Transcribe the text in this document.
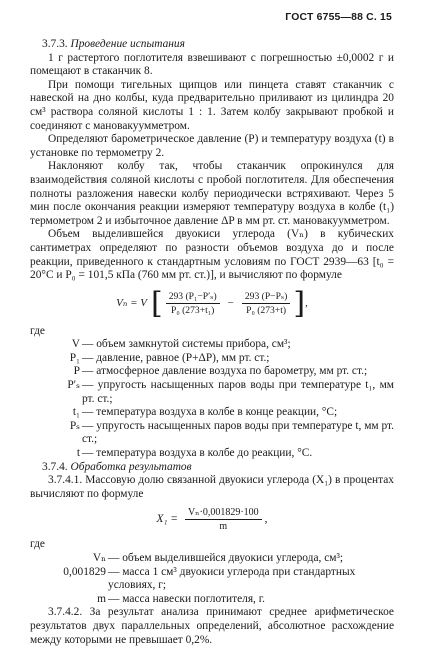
ГОСТ 6755—88 С. 15

3.7.3. Проведение испытания

1 г растертого поглотителя взвешивают с погрешностью ±0,0002 г и помещают в стаканчик 8.

При помощи тигельных щипцов или пинцета ставят стаканчик с навеской на дно колбы, куда предварительно приливают из цилиндра 20 см³ раствора соляной кислоты 1 : 1. Затем колбу закрывают пробкой и соединяют с мановакуумметром.

Определяют барометрическое давление (P) и температуру воздуха (t) в установке по термометру 2.

Наклоняют колбу так, чтобы стаканчик опрокинулся для взаимодействия соляной кислоты с пробой поглотителя. Для обеспечения полноты разложения навески колбу периодически встряхивают. Через 5 мин после окончания реакции измеряют температуру воздуха в колбе (t₁) термометром 2 и избыточное давление ΔP в мм рт. ст. мановакуумметром.

Объем выделившейся двуокиси углерода (Vₙ) в кубических сантиметрах определяют по разности объемов воздуха до и после реакции, приведенного к стандартным условиям по ГОСТ 2939—63 [t₀ = 20°С и P₀ = 101,5 кПа (760 мм рт. ст.)], и вычисляют по формуле

Vₙ = V [ $\frac{\text{293 (P₁−P′ₛ)}}{\text{P₀ (273+t₁)}} - \frac{\text{293 (P−Pₛ)}}{\text{P₀ (273+t)}}$ ] ,
где
V — объем замкнутой системы прибора, см³;
P₁ — давление, равное (P+ΔP), мм рт. ст.;
P — атмосферное давление воздуха по барометру, мм рт. ст.;
P′ₛ — упругость насыщенных паров воды при температуре t₁, мм рт. ст.;
t₁ — температура воздуха в колбе в конце реакции, °С;
Pₛ — упругость насыщенных паров воды при температуре t, мм рт. ст.;
t — температура воздуха в колбе до реакции, °С.

3.7.4. Обработка результатов

3.7.4.1. Массовую долю связанной двуокиси углерода (X₁) в процентах вычисляют по формуле

$X_1 = \frac{\text{Vₙ·0,001829·100}}{m}$ ,
где
Vₙ — объем выделившейся двуокиси углерода, см³;
0,001829 — масса 1 см³ двуокиси углерода при стандартных условиях, г;
m — масса навески поглотителя, г.

3.7.4.2. За результат анализа принимают среднее арифметическое результатов двух параллельных определений, абсолютное расхождение между которыми не превышает 0,2%.
